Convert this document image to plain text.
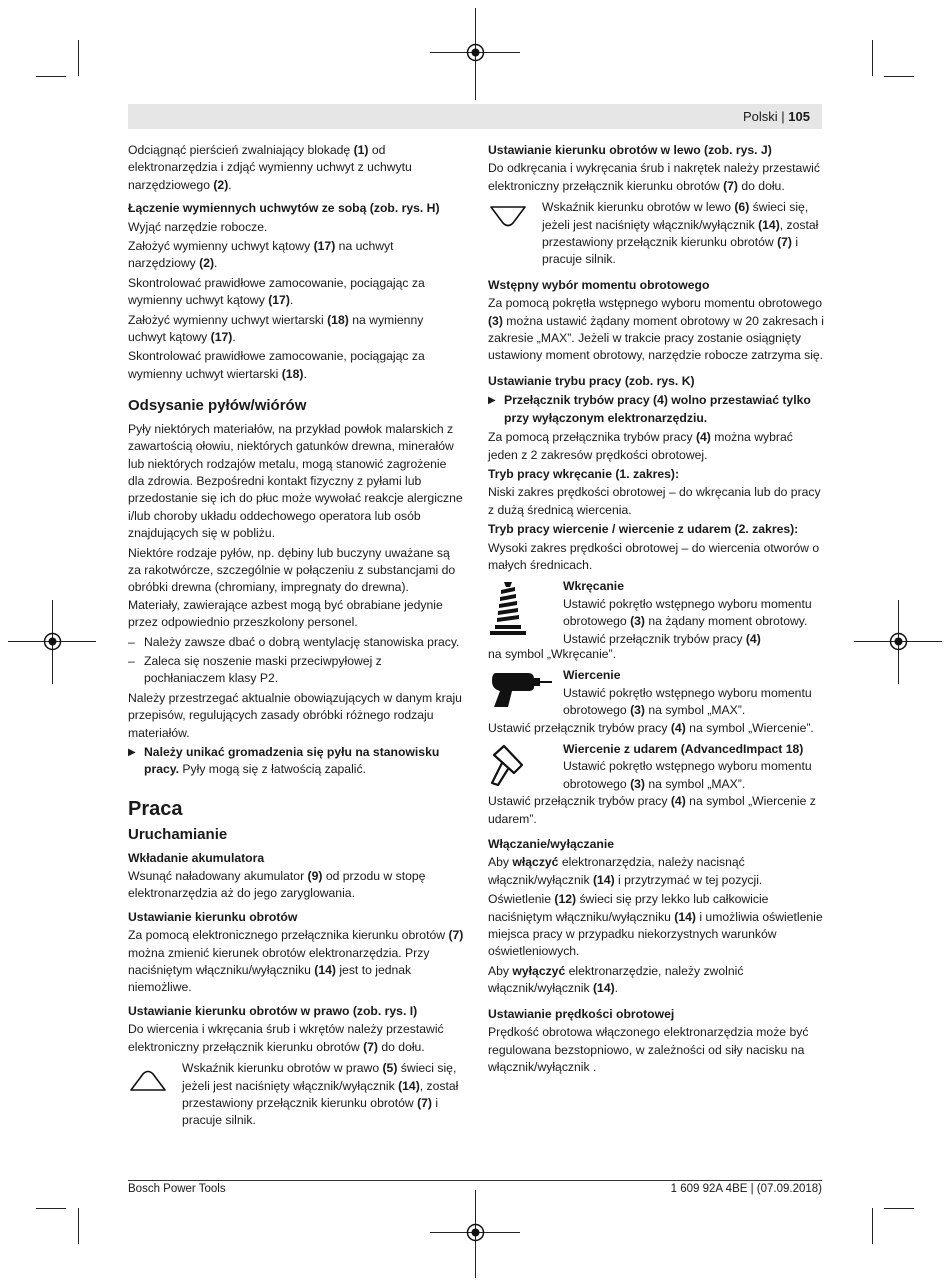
Polski | 105

Odciągnąć pierścień zwalniający blokadę (1) od elektronarzędzia i zdjąć wymienny uchwyt z uchwytu narzędziowego (2).

Łączenie wymiennych uchwytów ze sobą (zob. rys. H)

Wyjąć narzędzie robocze.

Założyć wymienny uchwyt kątowy (17) na uchwyt narzędziowy (2).

Skontrolować prawidłowe zamocowanie, pociągając za wymienny uchwyt kątowy (17).

Założyć wymienny uchwyt wiertarski (18) na wymienny uchwyt kątowy (17).

Skontrolować prawidłowe zamocowanie, pociągając za wymienny uchwyt wiertarski (18).

Odsysanie pyłów/wiórów

Pyły niektórych materiałów, na przykład powłok malarskich z zawartością ołowiu, niektórych gatunków drewna, minerałów lub niektórych rodzajów metalu, mogą stanowić zagrożenie dla zdrowia. Bezpośredni kontakt fizyczny z pyłami lub przedostanie się ich do płuc może wywołać reakcje alergiczne i/lub choroby układu oddechowego operatora lub osób znajdujących się w pobliżu.

Niektóre rodzaje pyłów, np. dębiny lub buczyny uważane są za rakotwórcze, szczególnie w połączeniu z substancjami do obróbki drewna (chromiany, impregnaty do drewna). Materiały, zawierające azbest mogą być obrabiane jedynie przez odpowiednio przeszkolony personel.

– Należy zawsze dbać o dobrą wentylację stanowiska pracy.
– Zaleca się noszenie maski przeciwpyłowej z pochłaniaczem klasy P2.

Należy przestrzegać aktualnie obowiązujących w danym kraju przepisów, regulujących zasady obróbki różnego rodzaju materiałów.

▶ Należy unikać gromadzenia się pyłu na stanowisku pracy. Pyły mogą się z łatwością zapalić.
Praca
Uruchamianie
Wkładanie akumulatora

Wsunąć naładowany akumulator (9) od przodu w stopę elektronarzędzia aż do jego zaryglowania.

Ustawianie kierunku obrotów

Za pomocą elektronicznego przełącznika kierunku obrotów (7) można zmienić kierunek obrotów elektronarzędzia. Przy naciśniętym włączniku/wyłączniku (14) jest to jednak niemożliwe.

Ustawianie kierunku obrotów w prawo (zob. rys. I)

Do wiercenia i wkręcania śrub i wkrętów należy przestawić elektroniczny przełącznik kierunku obrotów (7) do dołu.

Wskaźnik kierunku obrotów w prawo (5) świeci się, jeżeli jest naciśnięty włącznik/wyłącznik (14), został przestawiony przełącznik kierunku obrotów (7) i pracuje silnik.
Ustawianie kierunku obrotów w lewo (zob. rys. J)

Do odkręcania i wykręcania śrub i nakrętek należy przestawić elektroniczny przełącznik kierunku obrotów (7) do dołu.

Wskaźnik kierunku obrotów w lewo (6) świeci się, jeżeli jest naciśnięty włącznik/wyłącznik (14), został przestawiony przełącznik kierunku obrotów (7) i pracuje silnik.
Wstępny wybór momentu obrotowego

Za pomocą pokrętła wstępnego wyboru momentu obrotowego (3) można ustawić żądany moment obrotowy w 20 zakresach i zakresie „MAX”. Jeżeli w trakcie pracy zostanie osiągnięty ustawiony moment obrotowy, narzędzie robocze zatrzyma się.

Ustawianie trybu pracy (zob. rys. K)
▶ Przełącznik trybów pracy (4) wolno przestawiać tylko przy wyłączonym elektronarzędziu.

Za pomocą przełącznika trybów pracy (4) można wybrać jeden z 2 zakresów prędkości obrotowej.

Tryb pracy wkręcanie (1. zakres):

Niski zakres prędkości obrotowej – do wkręcania lub do pracy z dużą średnicą wiercenia.

Tryb pracy wiercenie / wiercenie z udarem (2. zakres):

Wysoki zakres prędkości obrotowej – do wiercenia otworów o małych średnicach.

Wkręcanie
Ustawić pokrętło wstępnego wyboru momentu obrotowego (3) na żądany moment obrotowy.
Ustawić przełącznik trybów pracy (4)

na symbol „Wkręcanie”.

Wiercenie
Ustawić pokrętło wstępnego wyboru momentu obrotowego (3) na symbol „MAX”.

Ustawić przełącznik trybów pracy (4) na symbol „Wiercenie”.

Wiercenie z udarem (AdvancedImpact 18)
Ustawić pokrętło wstępnego wyboru momentu obrotowego (3) na symbol „MAX”.

Ustawić przełącznik trybów pracy (4) na symbol „Wiercenie z udarem”.

Włączanie/wyłączanie

Aby włączyć elektronarzędzia, należy nacisnąć włącznik/wyłącznik (14) i przytrzymać w tej pozycji.

Oświetlenie (12) świeci się przy lekko lub całkowicie naciśniętym włączniku/wyłączniku (14) i umożliwia oświetlenie miejsca pracy w przypadku niekorzystnych warunków oświetleniowych.

Aby wyłączyć elektronarzędzie, należy zwolnić włącznik/wyłącznik (14).

Ustawianie prędkości obrotowej

Prędkość obrotowa włączonego elektronarzędzia może być regulowana bezstopniowo, w zależności od siły nacisku na włącznik/wyłącznik .

Bosch Power Tools	1 609 92A 4BE | (07.09.2018)
